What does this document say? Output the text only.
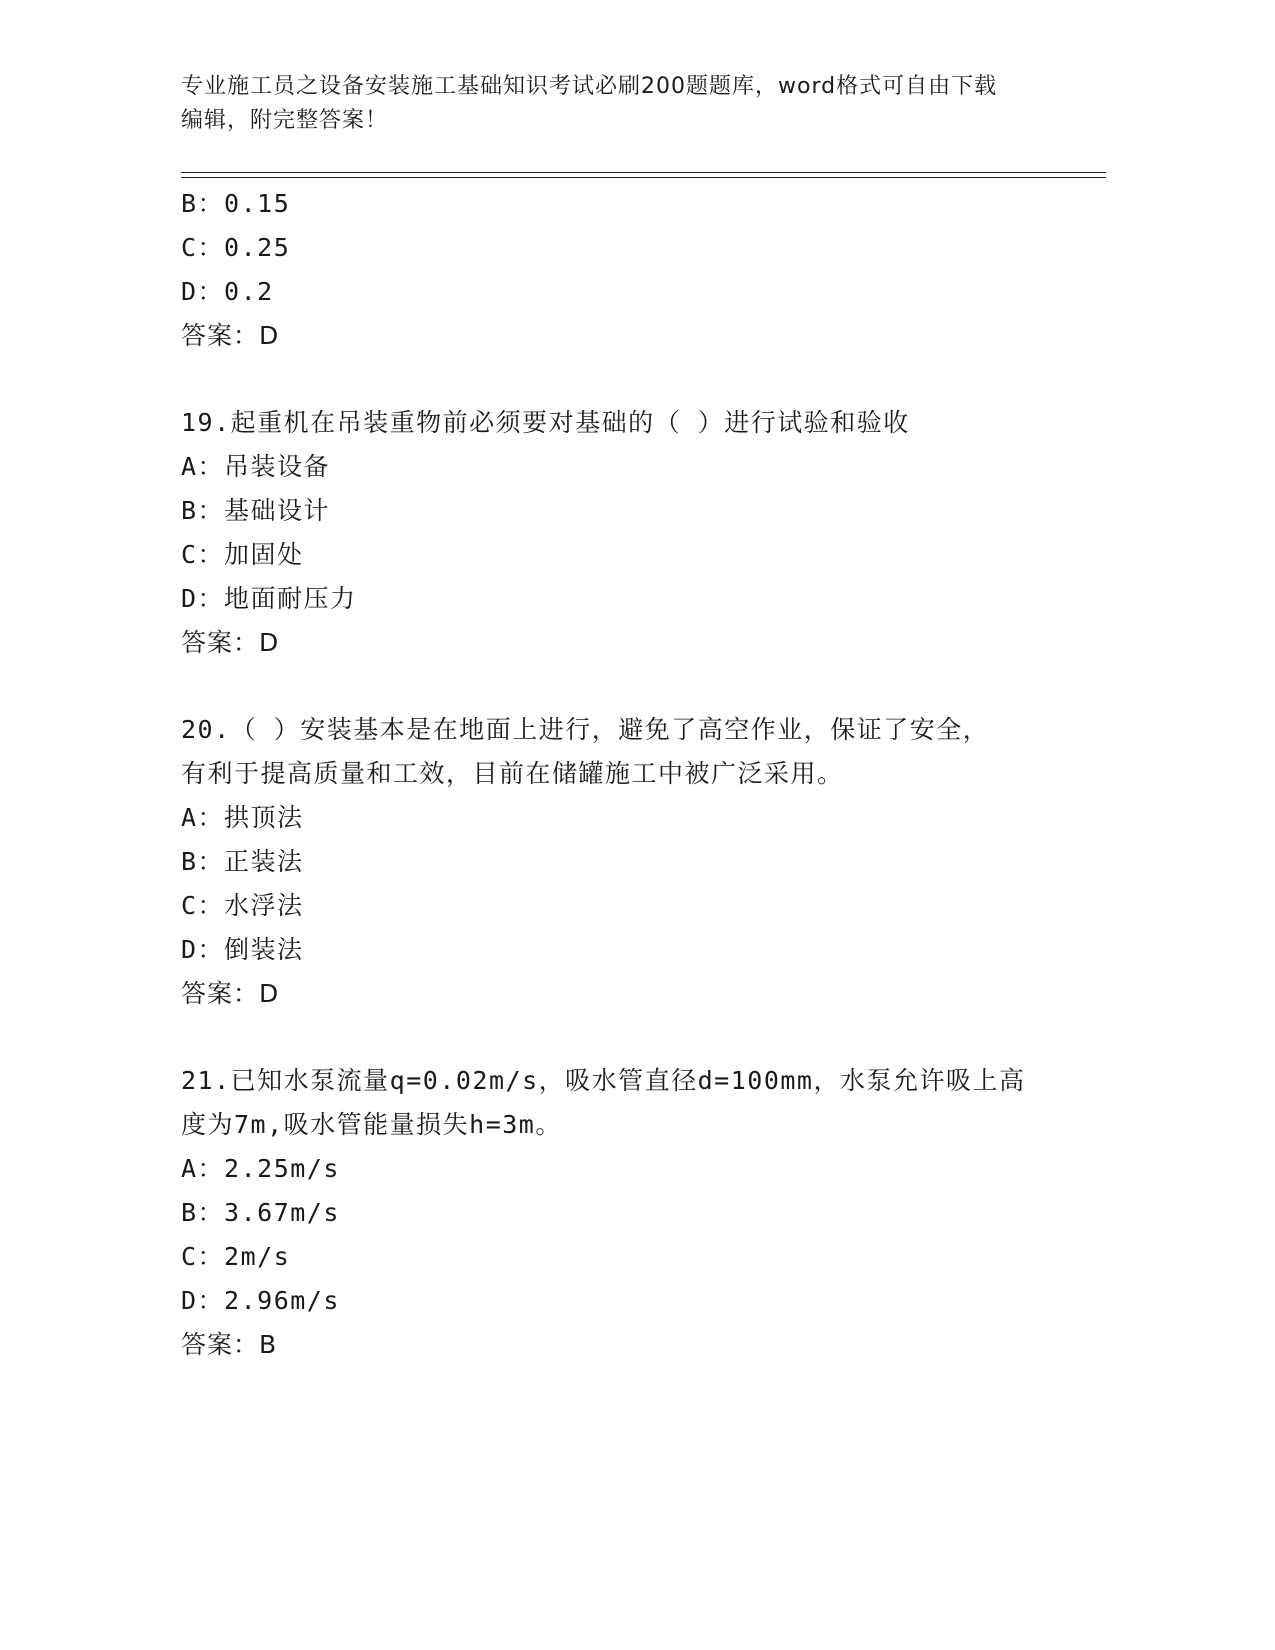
专业施工员之设备安装施工基础知识考试必刷200题题库，word格式可自由下载
编辑，附完整答案！
B：0.15
C：0.25
D：0.2
答案：D
19.起重机在吊装重物前必须要对基础的（ ）进行试验和验收
A：吊装设备
B：基础设计
C：加固处
D：地面耐压力
答案：D
20.（ ）安装基本是在地面上进行，避免了高空作业，保证了安全，
有利于提高质量和工效，目前在储罐施工中被广泛采用。
A：拱顶法
B：正装法
C：水浮法
D：倒装法
答案：D
21.已知水泵流量q=0.02m/s，吸水管直径d=100mm，水泵允许吸上高
度为7m,吸水管能量损失h=3m。
A：2.25m/s
B：3.67m/s
C：2m/s
D：2.96m/s
答案：B
